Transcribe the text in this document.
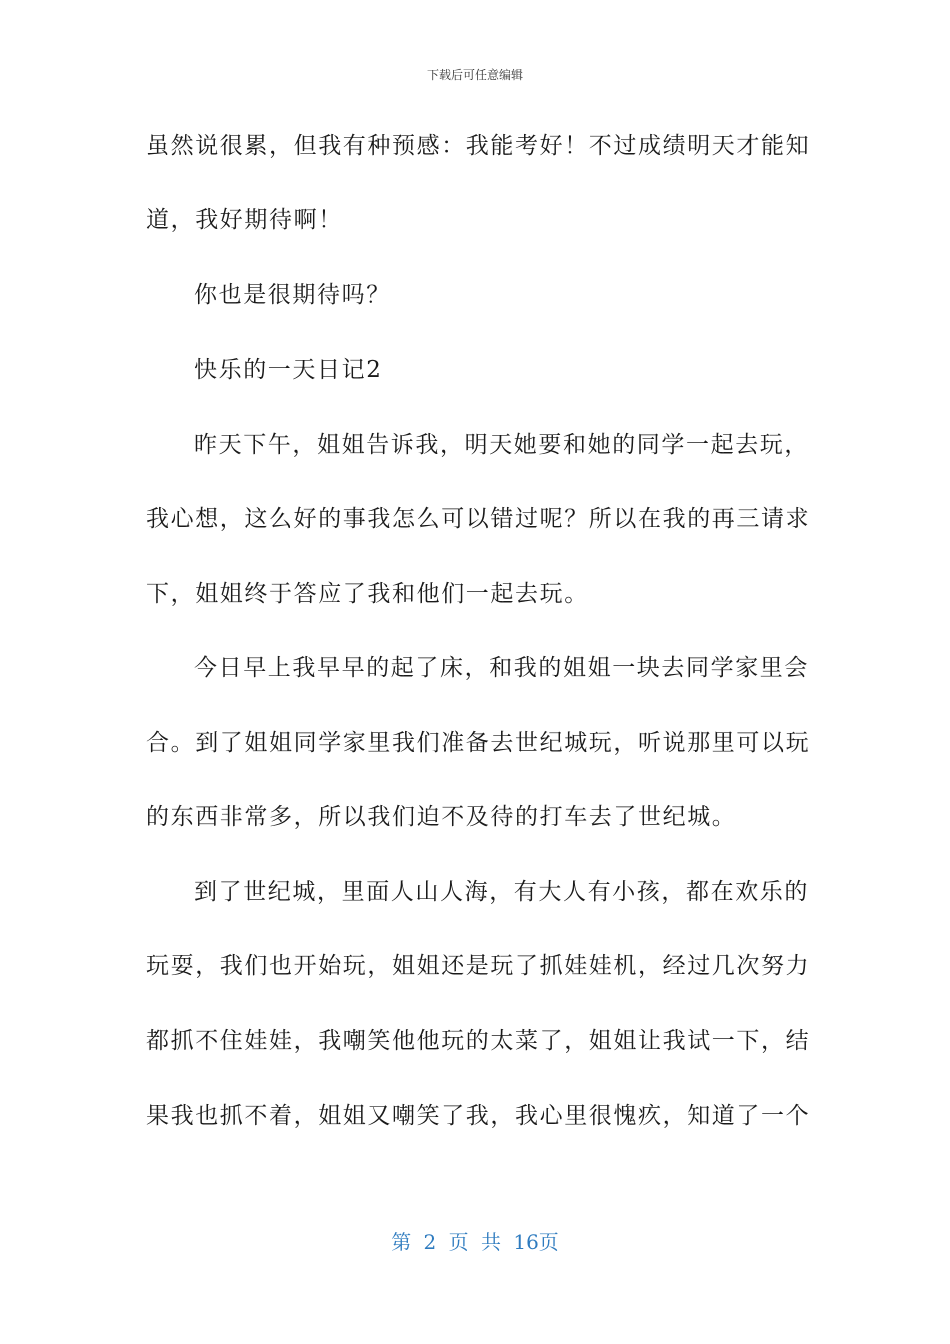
下载后可任意编辑
虽然说很累，但我有种预感：我能考好！不过成绩明天才能知
道，我好期待啊！
你也是很期待吗？
快乐的一天日记2
昨天下午，姐姐告诉我，明天她要和她的同学一起去玩，
我心想，这么好的事我怎么可以错过呢？所以在我的再三请求
下，姐姐终于答应了我和他们一起去玩。
今日早上我早早的起了床，和我的姐姐一块去同学家里会
合。到了姐姐同学家里我们准备去世纪城玩，听说那里可以玩
的东西非常多，所以我们迫不及待的打车去了世纪城。
到了世纪城，里面人山人海，有大人有小孩，都在欢乐的
玩耍，我们也开始玩，姐姐还是玩了抓娃娃机，经过几次努力
都抓不住娃娃，我嘲笑他他玩的太菜了，姐姐让我试一下，结
果我也抓不着，姐姐又嘲笑了我，我心里很愧疚，知道了一个
第 2 页 共 16页
